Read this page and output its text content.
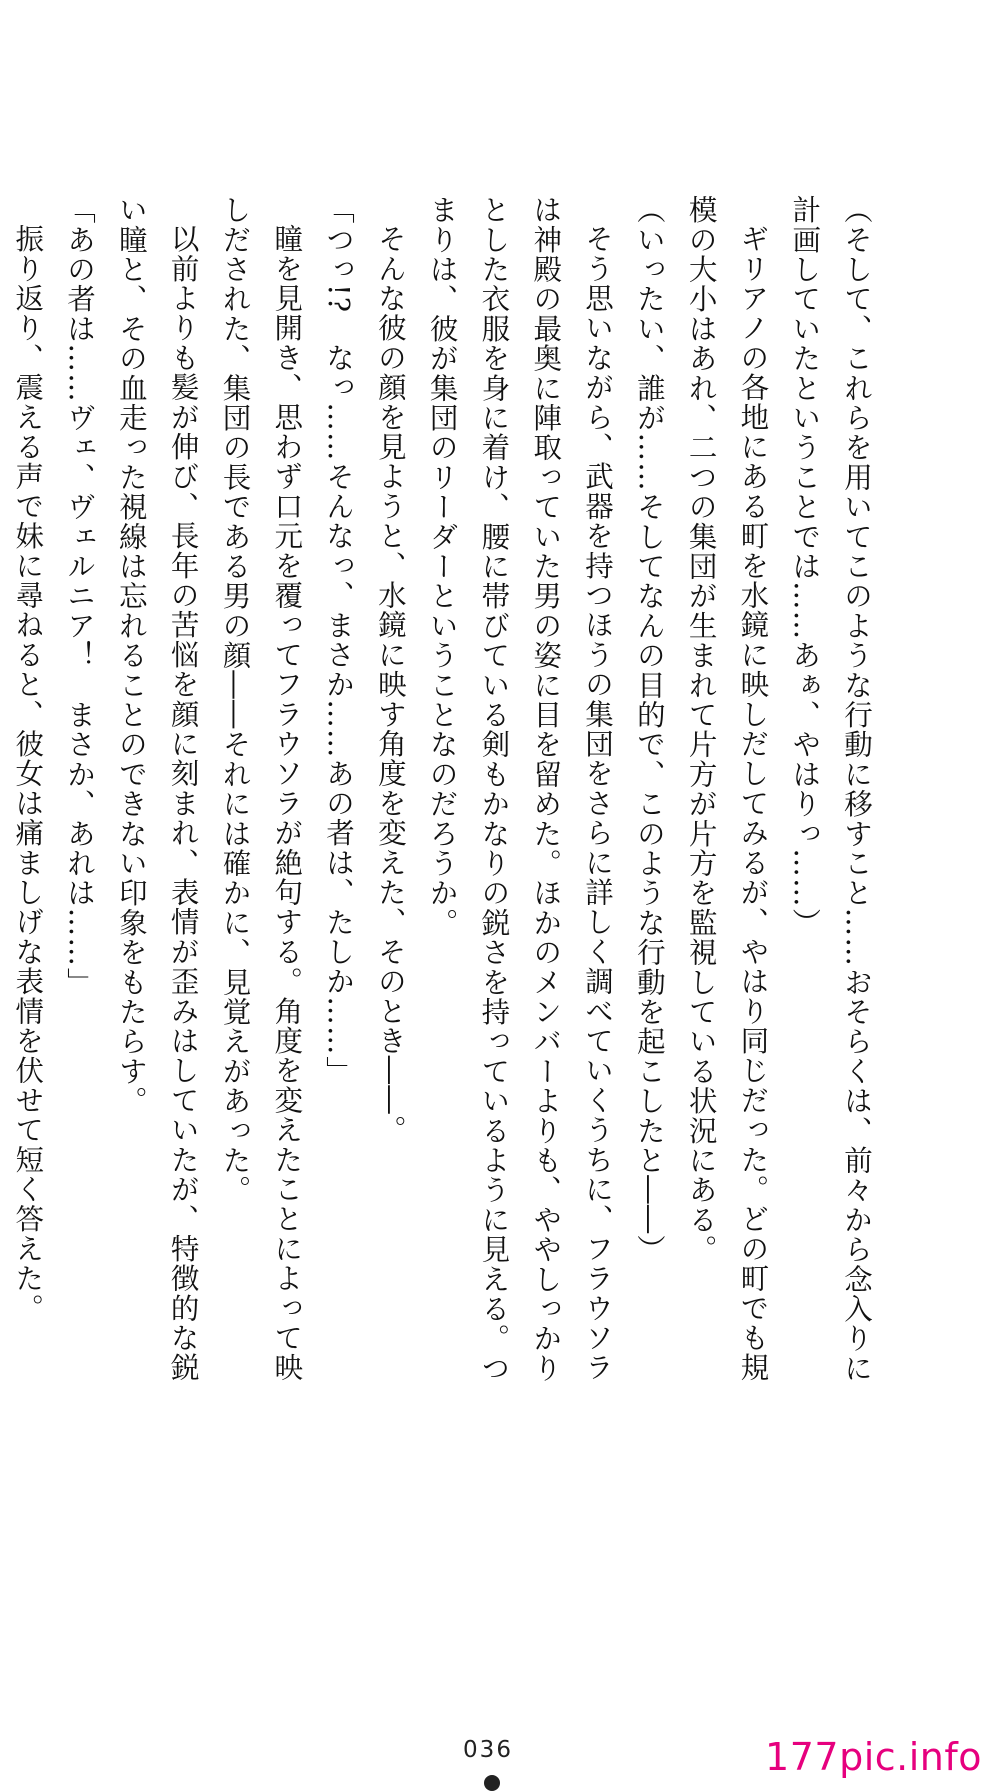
（そして、これらを用いてこのような行動に移すこと……おそらくは、前々から念入りに
計画していたということでは……あぁ、やはりっ……）
ギリアノの各地にある町を水鏡に映しだしてみるが、やはり同じだった。どの町でも規
模の大小はあれ、二つの集団が生まれて片方が片方を監視している状況にある。
（いったい、誰が……そしてなんの目的で、このような行動を起こしたと――）
そう思いながら、武器を持つほうの集団をさらに詳しく調べていくうちに、フラウソラ
は神殿の最奥に陣取っていた男の姿に目を留めた。ほかのメンバーよりも、ややしっかり
とした衣服を身に着け、腰に帯びている剣もかなりの鋭さを持っているように見える。つ
まりは、彼が集団のリーダーということなのだろうか。
そんな彼の顔を見ようと、水鏡に映す角度を変えた、そのとき――。
「つっ!?　なっ……そんなっ、まさか……あの者は、たしか……」
瞳を見開き、思わず口元を覆ってフラウソラが絶句する。角度を変えたことによって映
しだされた、集団の長である男の顔――それには確かに、見覚えがあった。
以前よりも髪が伸び、長年の苦悩を顔に刻まれ、表情が歪みはしていたが、特徴的な鋭
い瞳と、その血走った視線は忘れることのできない印象をもたらす。
「あの者は……ヴェ、ヴェルニア！　まさか、あれは……」
振り返り、震える声で妹に尋ねると、彼女は痛ましげな表情を伏せて短く答えた。
036	177pic.info
